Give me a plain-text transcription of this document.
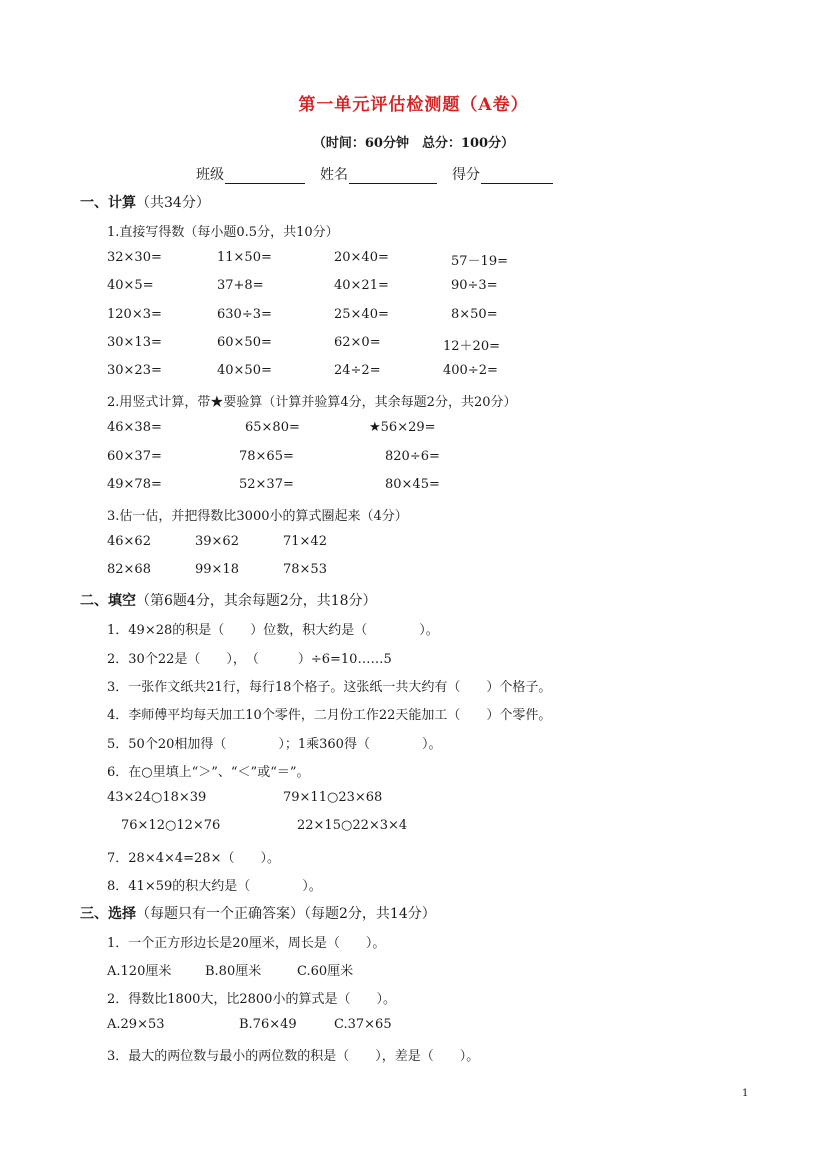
第一单元评估检测题（A卷）
（时间：60分钟　总分：100分）
班级	姓名	得分
一、计算（共34分）
1.直接写得数（每小题0.5分，共10分）
32×30=	11×50=	20×40=	57－19=
40×5=	37+8=	40×21=	90÷3=
120×3=	630÷3=	25×40=	8×50=
30×13=	60×50=	62×0=	12＋20=
30×23=	40×50=	24÷2=	400÷2=
2.用竖式计算，带★要验算（计算并验算4分，其余每题2分，共20分）
46×38=	65×80=	★56×29=
60×37=	78×65=	820÷6=
49×78=	52×37=	80×45=
3.估一估，并把得数比3000小的算式圈起来（4分）
46×62	39×62	71×42
82×68	99×18	78×53
二、填空（第6题4分，其余每题2分，共18分）
1．49×28的积是（　　）位数，积大约是（　　　　）。
2．30个22是（　　），　（　　　）÷6=10……5
3．一张作文纸共21行，每行18个格子。这张纸一共大约有（　　）个格子。
4．李师傅平均每天加工10个零件，二月份工作22天能加工（　　）个零件。
5．50个20相加得（　　　　）；1乘360得（　　　　）。
6．在○里填上“＞”、“＜”或“＝”。
43×24○18×39	79×11○23×68
76×12○12×76	22×15○22×3×4
7．28×4×4=28×（　　）。
8．41×59的积大约是（　　　　）。
三、选择（每题只有一个正确答案）（每题2分，共14分）
1．一个正方形边长是20厘米，周长是（　　）。
A.120厘米	B.80厘米	C.60厘米
2．得数比1800大，比2800小的算式是（　　）。
A.29×53	B.76×49	C.37×65
3．最大的两位数与最小的两位数的积是（　　），差是（　　）。
1
